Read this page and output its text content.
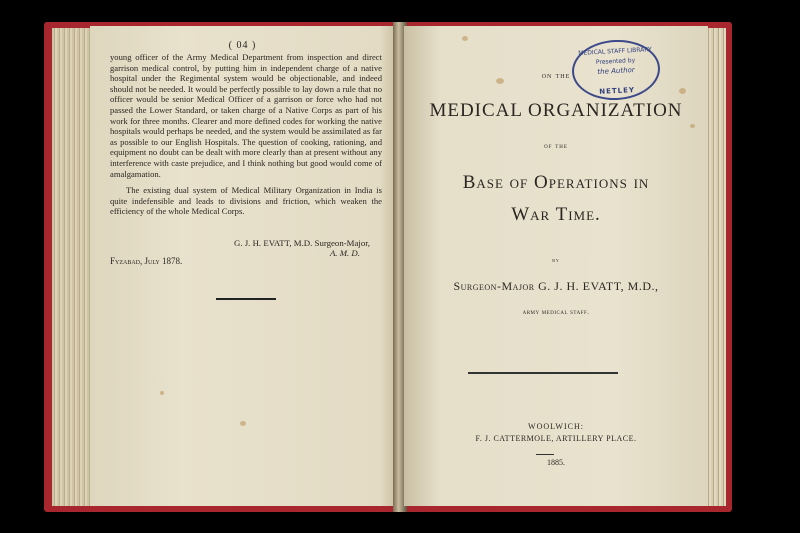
( 04 )

young officer of the Army Medical Department from inspection and direct garrison medical control, by putting him in independent charge of a native hospital under the Regimental system would be objectionable, and indeed should not be needed. It would be perfectly possible to lay down a rule that no officer would be senior Medical Officer of a garrison or force who had not passed the Lower Standard, or taken charge of a Native Corps as part of his work for three months. Clearer and more defined codes for working the native hospitals would perhaps be needed, and the system would be assimilated as far as possible to our English Hospitals. The question of cooking, rationing, and equipment no doubt can be dealt with more clearly than at present without any interference with caste prejudice, and I think nothing but good would come of amalgamation.

The existing dual system of Medical Military Organization in India is quite indefensible and leads to divisions and friction, which weaken the efficiency of the whole Medical Corps.

G. J. H. EVATT, M.D. Surgeon-Major,
A. M. D.
Fyzabad, July 1878.
MEDICAL STAFF LIBRARY
Presented by
the Author
NETLEY
on the
MEDICAL ORGANIZATION
of the
Base of Operations in
War Time.
by
Surgeon-Major G. J. H. EVATT, M.D.,
army medical staff.
WOOLWICH:
F. J. CATTERMOLE, ARTILLERY PLACE.
1885.
